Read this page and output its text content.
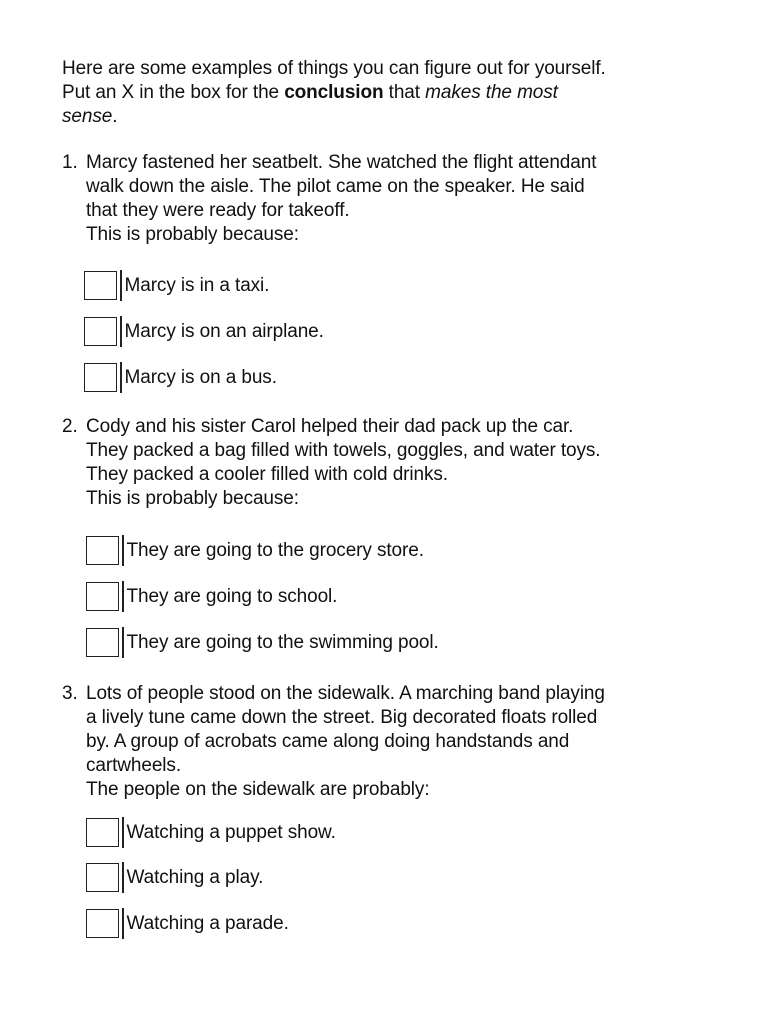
Here are some examples of things you can figure out for yourself.
Put an X in the box for the conclusion that makes the most
sense.
1. Marcy fastened her seatbelt. She watched the flight attendant

walk down the aisle. The pilot came on the speaker. He said

that they were ready for takeoff.

This is probably because:

Marcy is in a taxi.
Marcy is on an airplane.
Marcy is on a bus.
2. Cody and his sister Carol helped their dad pack up the car.

They packed a bag filled with towels, goggles, and water toys.

They packed a cooler filled with cold drinks.

This is probably because:

They are going to the grocery store.
They are going to school.
They are going to the swimming pool.
3. Lots of people stood on the sidewalk. A marching band playing

a lively tune came down the street. Big decorated floats rolled

by. A group of acrobats came along doing handstands and

cartwheels.

The people on the sidewalk are probably:

Watching a puppet show.
Watching a play.
Watching a parade.
